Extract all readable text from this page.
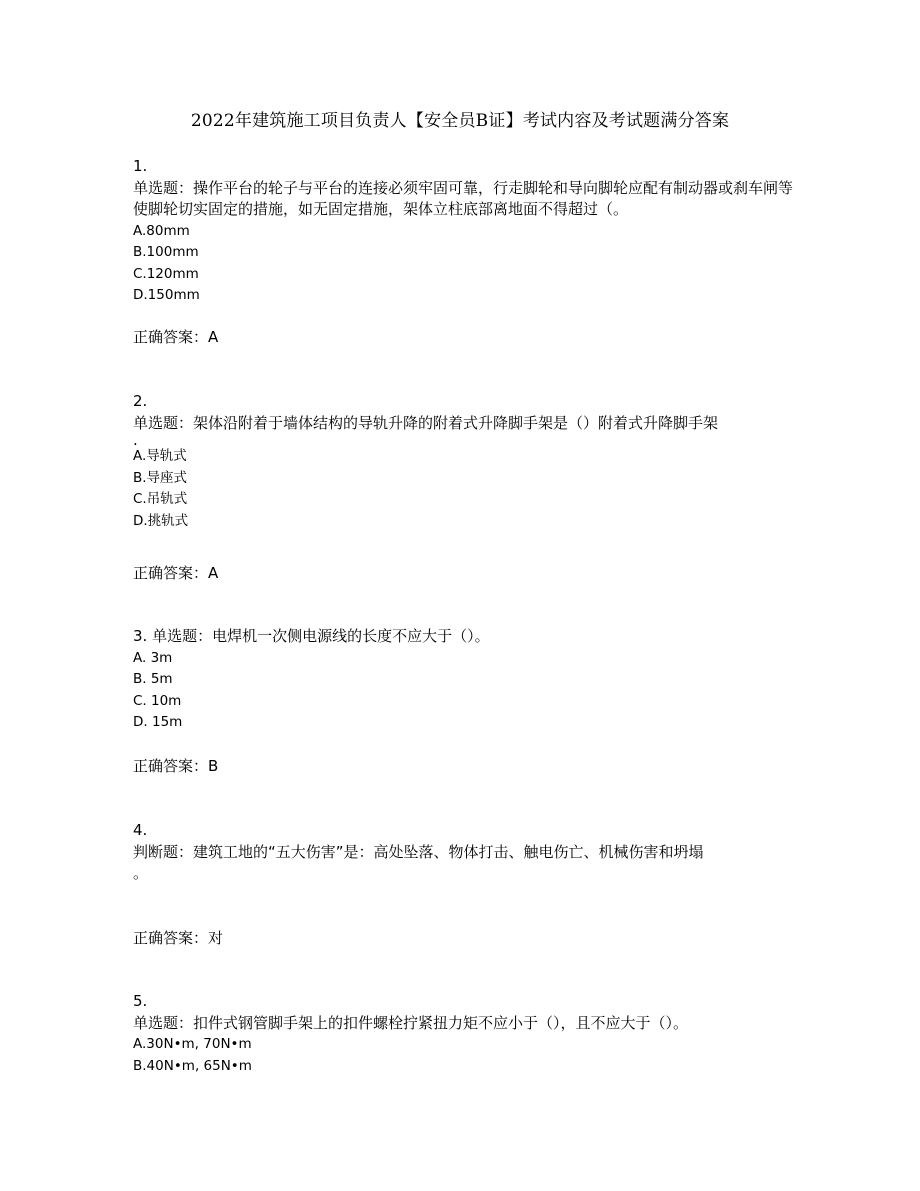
2022年建筑施工项目负责人【安全员B证】考试内容及考试题满分答案
1.
单选题：操作平台的轮子与平台的连接必须牢固可靠，行走脚轮和导向脚轮应配有制动器或刹车闸等使脚轮切实固定的措施，如无固定措施，架体立柱底部离地面不得超过（。
A.80mm
B.100mm
C.120mm
D.150mm
正确答案：A
2.
单选题：架体沿附着于墙体结构的导轨升降的附着式升降脚手架是（）附着式升降脚手架
.
A.导轨式
B.导座式
C.吊轨式
D.挑轨式
正确答案：A
3. 单选题：电焊机一次侧电源线的长度不应大于（）。
A. 3m
B. 5m
C. 10m
D. 15m
正确答案：B
4.
判断题：建筑工地的“五大伤害”是：高处坠落、物体打击、触电伤亡、机械伤害和坍塌
。
正确答案：对
5.
单选题：扣件式钢管脚手架上的扣件螺栓拧紧扭力矩不应小于（），且不应大于（）。
A.30N•m, 70N•m
B.40N•m, 65N•m
